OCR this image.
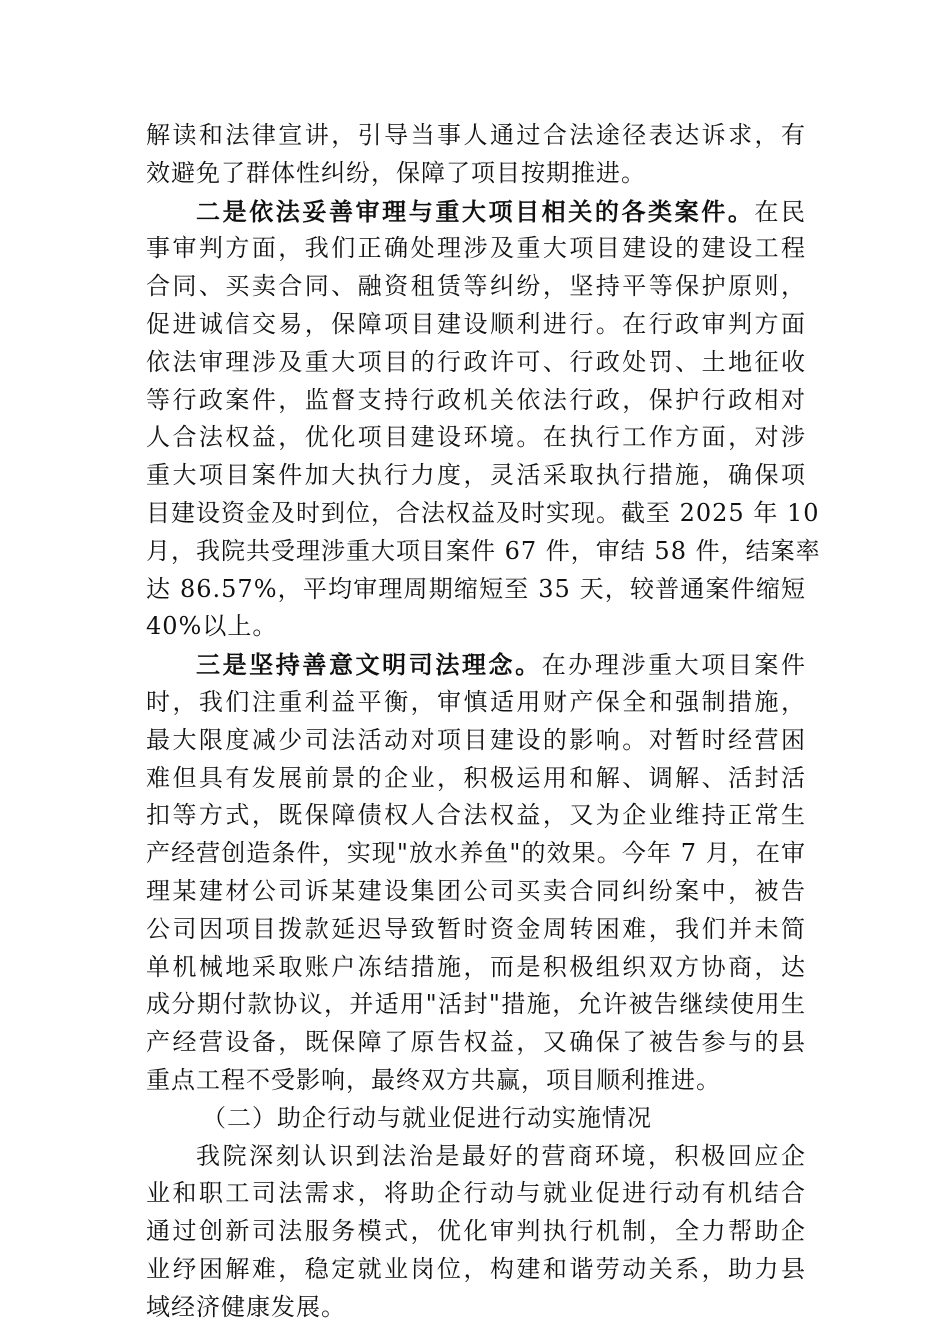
解读和法律宣讲，引导当事人通过合法途径表达诉求，有
效避免了群体性纠纷，保障了项目按期推进。
二是依法妥善审理与重大项目相关的各类案件。在民
事审判方面，我们正确处理涉及重大项目建设的建设工程
合同、买卖合同、融资租赁等纠纷，坚持平等保护原则，
促进诚信交易，保障项目建设顺利进行。在行政审判方面
依法审理涉及重大项目的行政许可、行政处罚、土地征收
等行政案件，监督支持行政机关依法行政，保护行政相对
人合法权益，优化项目建设环境。在执行工作方面，对涉
重大项目案件加大执行力度，灵活采取执行措施，确保项
目建设资金及时到位，合法权益及时实现。截至 2025 年 10
月，我院共受理涉重大项目案件 67 件，审结 58 件，结案率
达 86.57%，平均审理周期缩短至 35 天，较普通案件缩短
40%以上。
三是坚持善意文明司法理念。在办理涉重大项目案件
时，我们注重利益平衡，审慎适用财产保全和强制措施，
最大限度减少司法活动对项目建设的影响。对暂时经营困
难但具有发展前景的企业，积极运用和解、调解、活封活
扣等方式，既保障债权人合法权益，又为企业维持正常生
产经营创造条件，实现"放水养鱼"的效果。今年 7 月，在审
理某建材公司诉某建设集团公司买卖合同纠纷案中，被告
公司因项目拨款延迟导致暂时资金周转困难，我们并未简
单机械地采取账户冻结措施，而是积极组织双方协商，达
成分期付款协议，并适用"活封"措施，允许被告继续使用生
产经营设备，既保障了原告权益，又确保了被告参与的县
重点工程不受影响，最终双方共赢，项目顺利推进。
（二）助企行动与就业促进行动实施情况
我院深刻认识到法治是最好的营商环境，积极回应企
业和职工司法需求，将助企行动与就业促进行动有机结合
通过创新司法服务模式，优化审判执行机制，全力帮助企
业纾困解难，稳定就业岗位，构建和谐劳动关系，助力县
域经济健康发展。
